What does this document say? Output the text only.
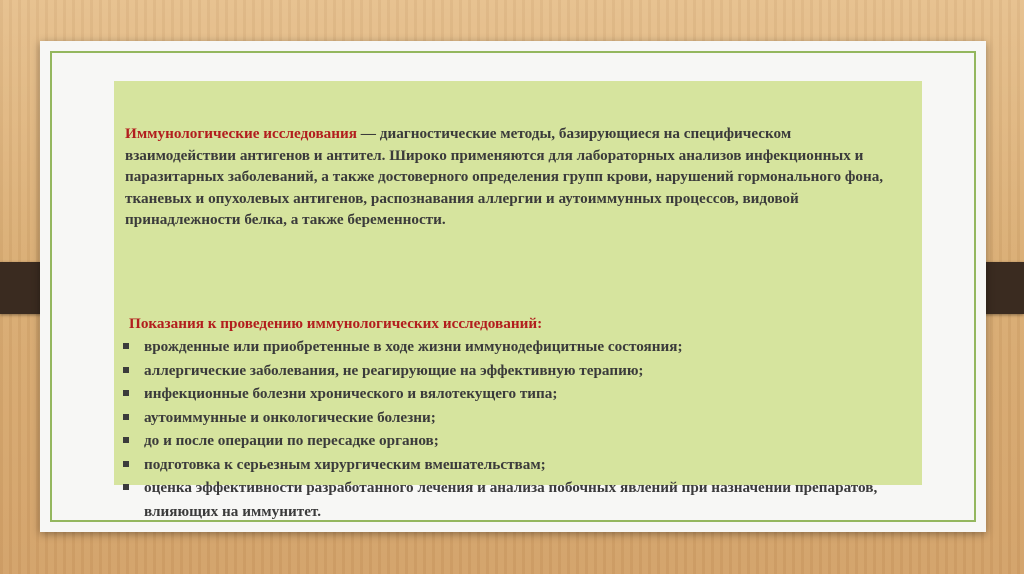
Иммунологические исследования — диагностические методы, базирующиеся на специфическом взаимодействии антигенов и антител. Широко применяются для лабораторных анализов инфекционных и паразитарных заболеваний, а также достоверного определения групп крови, нарушений гормонального фона, тканевых и опухолевых антигенов, распознавания аллергии и аутоиммунных процессов, видовой принадлежности белка, а также беременности.

Показания к проведению иммунологических исследований:

врожденные или приобретенные в ходе жизни иммунодефицитные состояния;
аллергические заболевания, не реагирующие на эффективную терапию;
инфекционные болезни хронического и вялотекущего типа;
аутоиммунные и онкологические болезни;
до и после операции по пересадке органов;
подготовка к серьезным хирургическим вмешательствам;
оценка эффективности разработанного лечения и анализа побочных явлений при назначении препаратов, влияющих на иммунитет.
